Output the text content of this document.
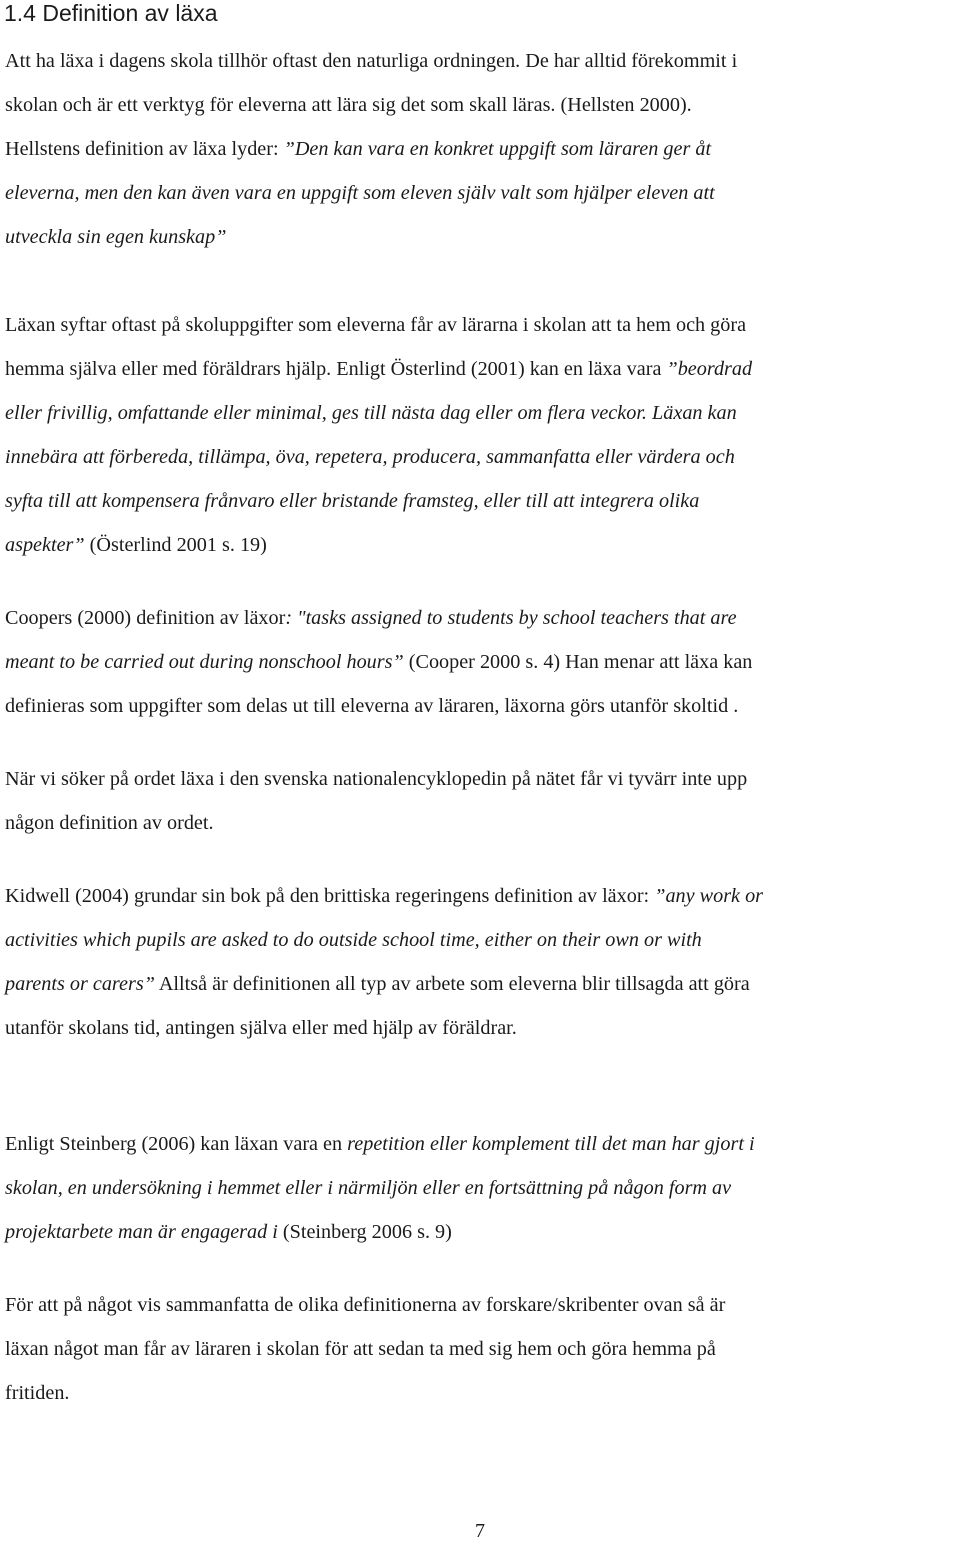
1.4 Definition av läxa

Att ha läxa i dagens skola tillhör oftast den naturliga ordningen. De har alltid förekommit i

skolan och är ett verktyg för eleverna att lära sig det som skall läras. (Hellsten 2000).

Hellstens definition av läxa lyder: ”Den kan vara en konkret uppgift som läraren ger åt

eleverna, men den kan även vara en uppgift som eleven själv valt som hjälper eleven att

utveckla sin egen kunskap”

Läxan syftar oftast på skoluppgifter som eleverna får av lärarna i skolan att ta hem och göra

hemma själva eller med föräldrars hjälp. Enligt Österlind (2001) kan en läxa vara ”beordrad

eller frivillig, omfattande eller minimal, ges till nästa dag eller om flera veckor. Läxan kan

innebära att förbereda, tillämpa, öva, repetera, producera, sammanfatta eller värdera och

syfta till att kompensera frånvaro eller bristande framsteg, eller till att integrera olika

aspekter” (Österlind 2001 s. 19)

Coopers (2000) definition av läxor: "tasks assigned to students by school teachers that are

meant to be carried out during nonschool hours” (Cooper 2000 s. 4) Han menar att läxa kan

definieras som uppgifter som delas ut till eleverna av läraren, läxorna görs utanför skoltid .

När vi söker på ordet läxa i den svenska nationalencyklopedin på nätet får vi tyvärr inte upp

någon definition av ordet.

Kidwell (2004) grundar sin bok på den brittiska regeringens definition av läxor: ”any work or

activities which pupils are asked to do outside school time, either on their own or with

parents or carers” Alltså är definitionen all typ av arbete som eleverna blir tillsagda att göra

utanför skolans tid, antingen själva eller med hjälp av föräldrar.

Enligt Steinberg (2006) kan läxan vara en repetition eller komplement till det man har gjort i

skolan, en undersökning i hemmet eller i närmiljön eller en fortsättning på någon form av

projektarbete man är engagerad i (Steinberg 2006 s. 9)

För att på något vis sammanfatta de olika definitionerna av forskare/skribenter ovan så är

läxan något man får av läraren i skolan för att sedan ta med sig hem och göra hemma på

fritiden.

7
